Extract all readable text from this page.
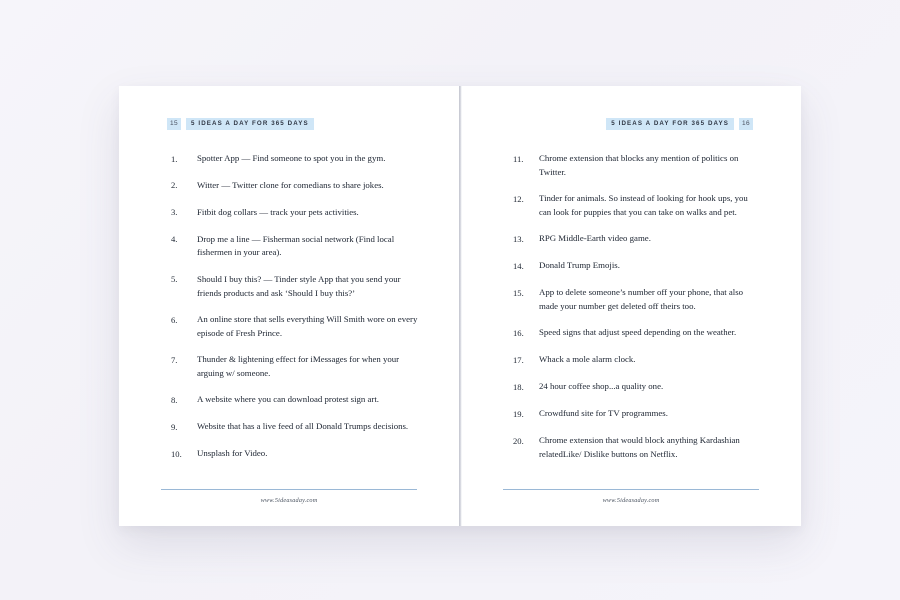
15	5 IDEAS A DAY FOR 365 DAYS
1.	Spotter App — Find someone to spot you in the gym.
2.	Witter — Twitter clone for comedians to share jokes.
3.	Fitbit dog collars — track your pets activities.
4.	Drop me a line — Fisherman social network (Find local fishermen in your area).
5.	Should I buy this? — Tinder style App that you send your friends products and ask ‘Should I buy this?’
6.	An online store that sells everything Will Smith wore on every episode of Fresh Prince.
7.	Thunder & lightening effect for iMessages for when your arguing w/ someone.
8.	A website where you can download protest sign art.
9.	Website that has a live feed of all Donald Trumps decisions.
10.	Unsplash for Video.
www.5ideasaday.com
5 IDEAS A DAY FOR 365 DAYS	16
11.	Chrome extension that blocks any mention of politics on Twitter.
12.	Tinder for animals. So instead of looking for hook ups, you can look for puppies that you can take on walks and pet.
13.	RPG Middle-Earth video game.
14.	Donald Trump Emojis.
15.	App to delete someone’s number off your phone, that also made your number get deleted off theirs too.
16.	Speed signs that adjust speed depending on the weather.
17.	Whack a mole alarm clock.
18.	24 hour coffee shop...a quality one.
19.	Crowdfund site for TV programmes.
20.	Chrome extension that would block anything Kardashian relatedLike/ Dislike buttons on Netflix.
www.5ideasaday.com
